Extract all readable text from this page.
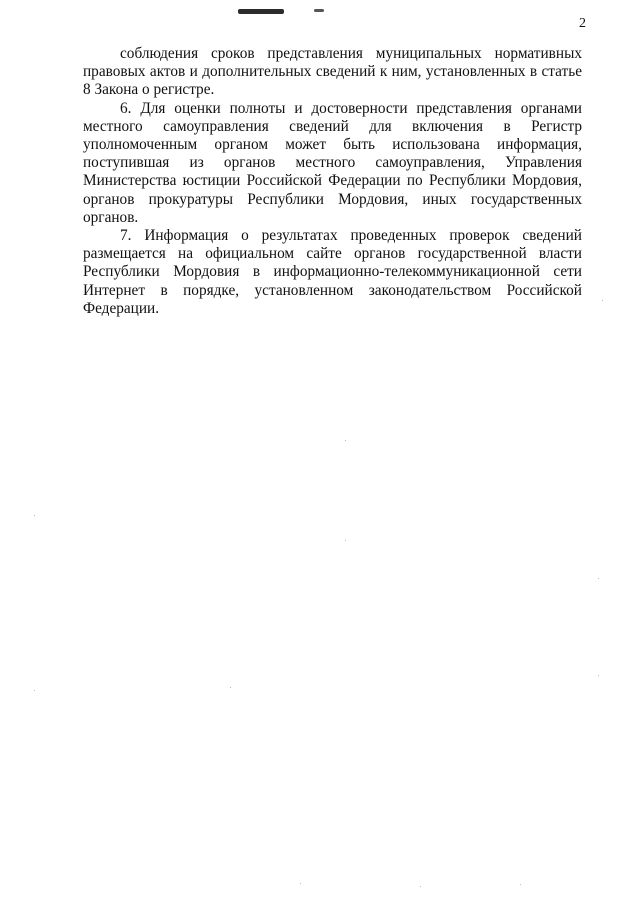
2

соблюдения сроков представления муниципальных нормативных правовых актов и дополнительных сведений к ним, установленных в статье 8 Закона о регистре.

6. Для оценки полноты и достоверности представления органами местного самоуправления сведений для включения в Регистр уполномоченным органом может быть использована информация, поступившая из органов местного самоуправления, Управления Министерства юстиции Российской Федерации по Республики Мордовия, органов прокуратуры Республики Мордовия, иных государственных органов.

7. Информация о результатах проведенных проверок сведений размещается на официальном сайте органов государственной власти Республики Мордовия в информационно-телекоммуникационной сети Интернет в порядке, установленном законодательством Российской Федерации.
